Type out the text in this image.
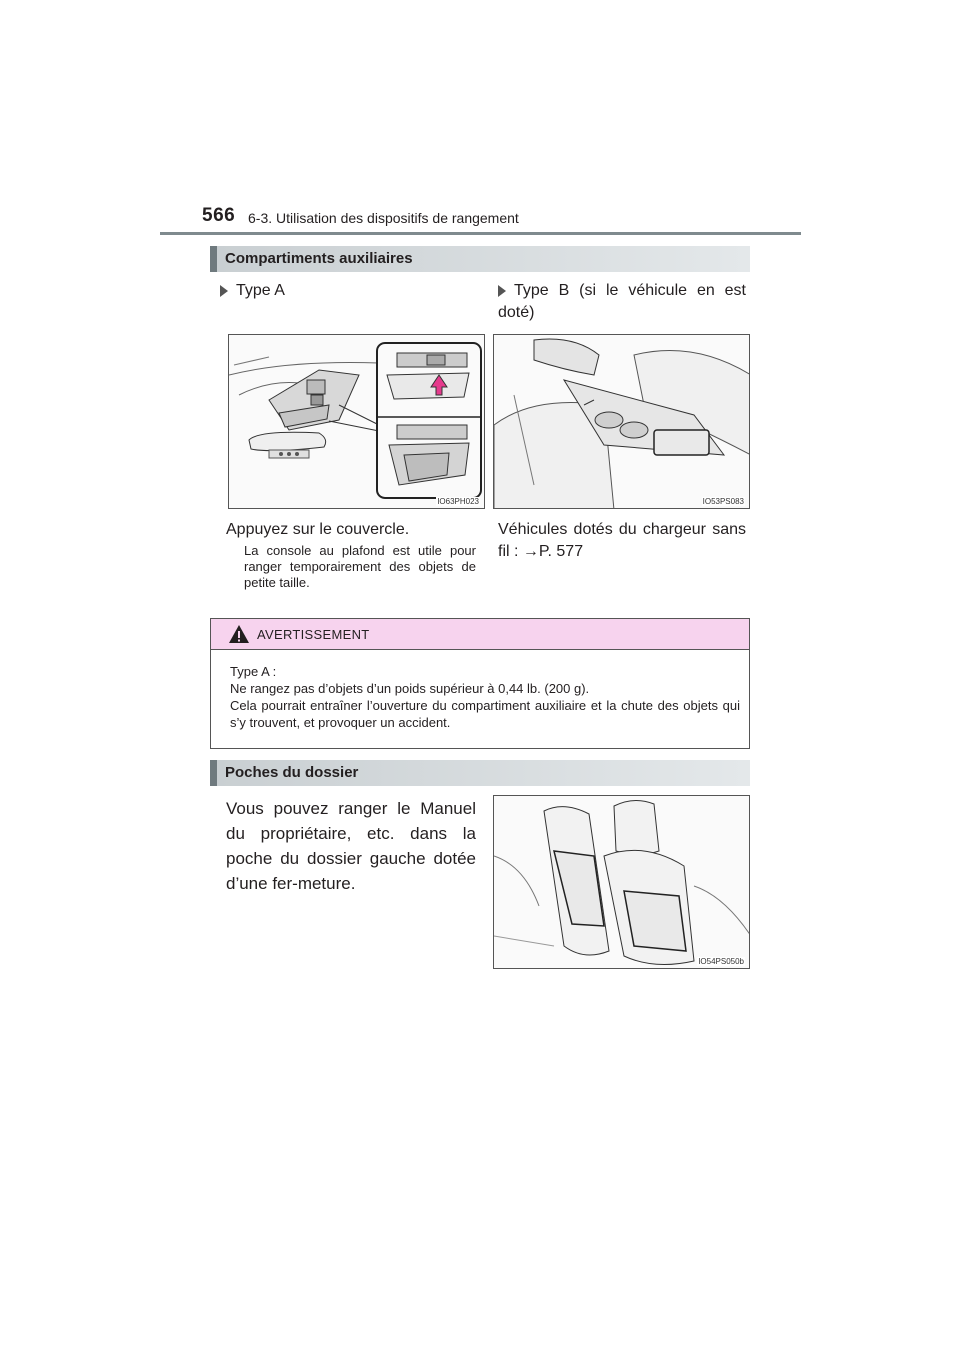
566 6-3. Utilisation des dispositifs de rangement
Compartiments auxiliaires
Type A	Type B (si le véhicule en est doté)
IO63PH023	IO53PS083
Appuyez sur le couvercle.
La console au plafond est utile pour ranger temporairement des objets de petite taille.
Véhicules dotés du chargeur sans fil : →P. 577
AVERTISSEMENT
Type A :
Ne rangez pas d’objets d’un poids supérieur à 0,44 lb. (200 g).
Cela pourrait entraîner l’ouverture du compartiment auxiliaire et la chute des objets qui s’y trouvent, et provoquer un accident.
Poches du dossier
Vous pouvez ranger le Manuel du propriétaire, etc. dans la poche du dossier gauche dotée d’une fer-meture.
IO54PS050b
